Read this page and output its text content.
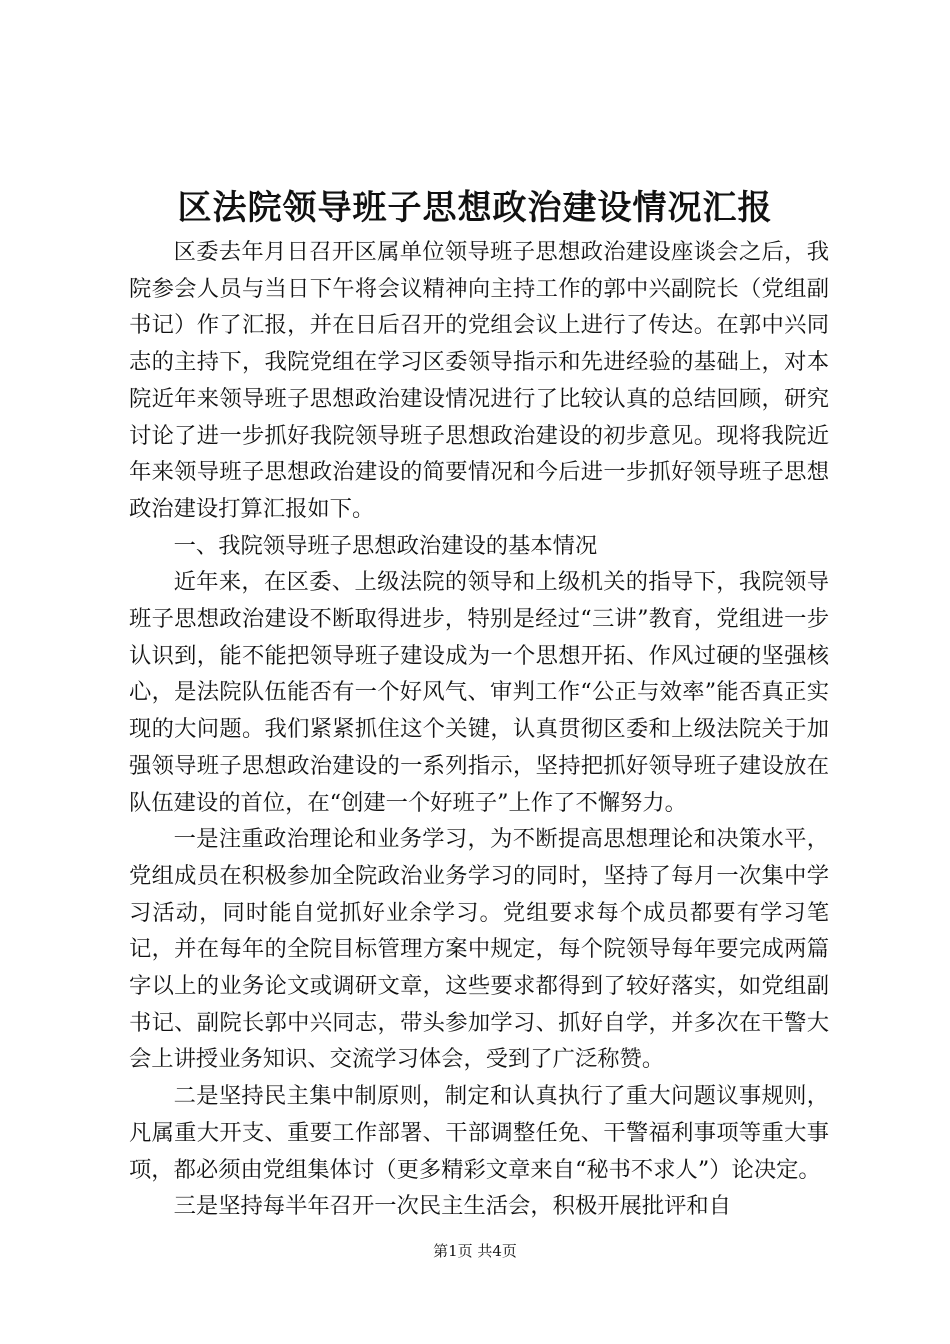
区法院领导班子思想政治建设情况汇报

区委去年月日召开区属单位领导班子思想政治建设座谈会之后，我院参会人员与当日下午将会议精神向主持工作的郭中兴副院长（党组副书记）作了汇报，并在日后召开的党组会议上进行了传达。在郭中兴同志的主持下，我院党组在学习区委领导指示和先进经验的基础上，对本院近年来领导班子思想政治建设情况进行了比较认真的总结回顾，研究讨论了进一步抓好我院领导班子思想政治建设的初步意见。现将我院近年来领导班子思想政治建设的简要情况和今后进一步抓好领导班子思想政治建设打算汇报如下。

一、我院领导班子思想政治建设的基本情况

近年来，在区委、上级法院的领导和上级机关的指导下，我院领导班子思想政治建设不断取得进步，特别是经过“三讲”教育，党组进一步认识到，能不能把领导班子建设成为一个思想开拓、作风过硬的坚强核心，是法院队伍能否有一个好风气、审判工作“公正与效率”能否真正实现的大问题。我们紧紧抓住这个关键，认真贯彻区委和上级法院关于加强领导班子思想政治建设的一系列指示，坚持把抓好领导班子建设放在队伍建设的首位，在“创建一个好班子”上作了不懈努力。

一是注重政治理论和业务学习，为不断提高思想理论和决策水平，党组成员在积极参加全院政治业务学习的同时，坚持了每月一次集中学习活动，同时能自觉抓好业余学习。党组要求每个成员都要有学习笔记，并在每年的全院目标管理方案中规定，每个院领导每年要完成两篇字以上的业务论文或调研文章，这些要求都得到了较好落实，如党组副书记、副院长郭中兴同志，带头参加学习、抓好自学，并多次在干警大会上讲授业务知识、交流学习体会，受到了广泛称赞。

二是坚持民主集中制原则，制定和认真执行了重大问题议事规则，凡属重大开支、重要工作部署、干部调整任免、干警福利事项等重大事项，都必须由党组集体讨（更多精彩文章来自“秘书不求人”）论决定。

三是坚持每半年召开一次民主生活会，积极开展批评和自

第1页 共4页
